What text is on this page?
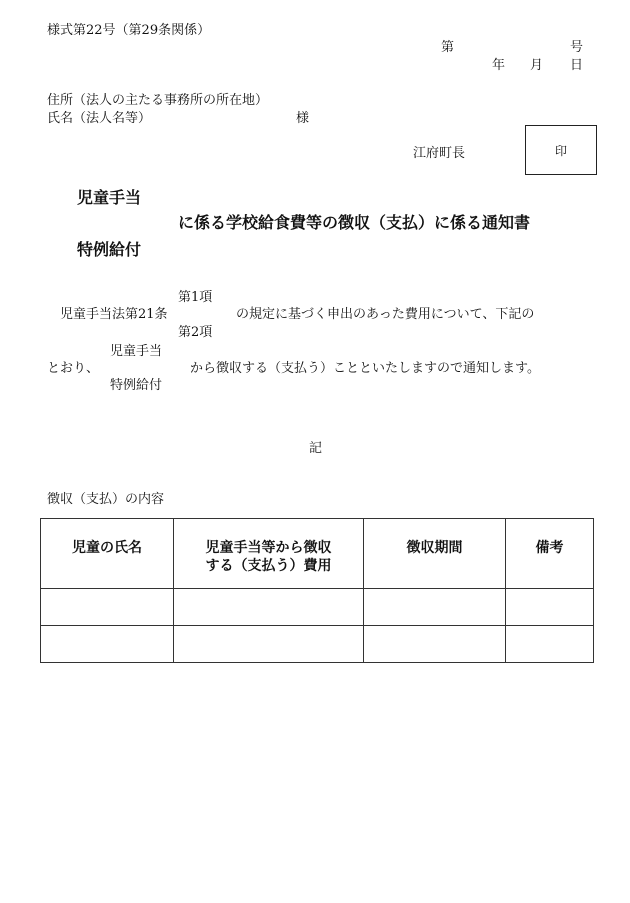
様式第22号（第29条関係）
第	号
年 月 日
住所（法人の主たる事務所の所在地）
氏名（法人名等）	様
江府町長	印
児童手当
に係る学校給食費等の徴収（支払）に係る通知書
特例給付
第1項
児童手当法第21条	の規定に基づく申出のあった費用について、下記の
第2項
児童手当
とおり、	から徴収する（支払う）ことといたしますので通知します。
特例給付
記
徴収（支払）の内容
児童の氏名	児童手当等から徴収する（支払う）費用	徴収期間	備考
